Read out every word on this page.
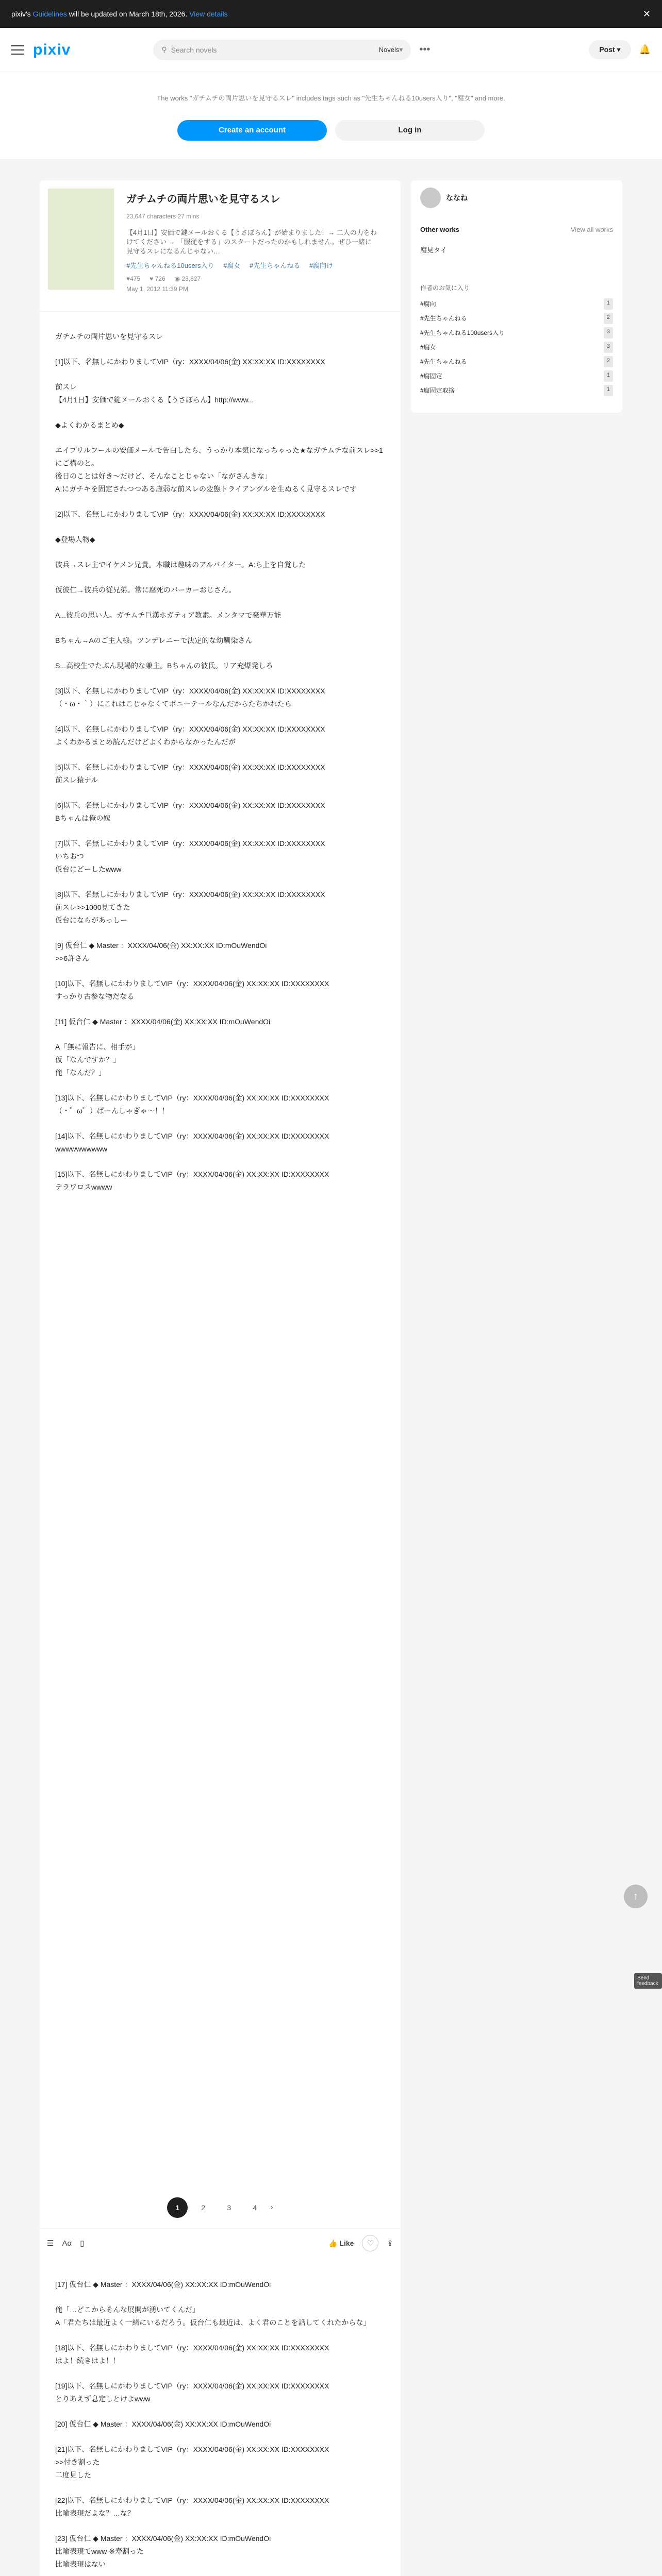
pixiv's Guidelines will be updated on March 18th, 2026. View details	✕
pixiv	⚲ Search novels	Novels ▾ •••	Post ▾	🔔

The works "ガチムチの両片思いを見守るスレ" includes tags such as "先生ちゃんねる10users入り", "腐女" and more.

Create an account	Log in
ガチムチの両片思いを見守るスレ
23,647 characters 27 mins
【4月1日】安価で鍵メールおくる【うさぼらん】が始まりました！→ 二人の力をわけてください → 「服従をする」のスタートだったのかもしれません。ぜひ一緒に見守るスレになるんじゃない…
#先生ちゃんねる10users入り #腐女 #先生ちゃんねる #腐向け
♥475 ♥ 726 ◉ 23,627
May 1, 2012 11:39 PM
ガチムチの両片思いを見守るスレ
[1]以下、名無しにかわりましてVIP（ry：XXXX/04/06(金) XX:XX:XX ID:XXXXXXXX
前スレ
【4月1日】安価で鍵メールおくる【うさぼらん】http://www...
◆よくわかるまとめ◆
エイプリルフールの安価メールで告白したら、うっかり本気になっちゃった★なガチムチな前スレ>>1にご構のと。
後日のことは好き～だけど、そんなことじゃない「ながさんきな」
A:にガチキを固定されつつある虚弱な前スレの変態トライアングルを生ぬるく見守るスレです
[2]以下、名無しにかわりましてVIP（ry：XXXX/04/06(金) XX:XX:XX ID:XXXXXXXX
◆登場人物◆
彼兵→スレ主でイケメン兄貴。本職は趣味のアルバイター。A:ら上を自覚した
仮彼仁→彼兵の従兄弟。常に腐死のバーカーおじさん。
A...彼兵の思い人。ガチムチ巨漢ホガティア教素。メンタマで豪華万能
Bちゃん→Aのご主人様。ツンデレニーで決定的な幼馴染さん
S...高校生でたぶん現場的な兼主。Bちゃんの彼氏。リア充爆発しろ
[3]以下、名無しにかわりましてVIP（ry：XXXX/04/06(金) XX:XX:XX ID:XXXXXXXX
（・ω・｀）にこれはこじゃなくてボニーテールなんだからたちかれたら
[4]以下、名無しにかわりましてVIP（ry：XXXX/04/06(金) XX:XX:XX ID:XXXXXXXX
よくわかるまとめ読んだけどよくわからなかったんだが
[5]以下、名無しにかわりましてVIP（ry：XXXX/04/06(金) XX:XX:XX ID:XXXXXXXX
前スレ猿ナル
[6]以下、名無しにかわりましてVIP（ry：XXXX/04/06(金) XX:XX:XX ID:XXXXXXXX
Bちゃんは俺の嫁
[7]以下、名無しにかわりましてVIP（ry：XXXX/04/06(金) XX:XX:XX ID:XXXXXXXX
いちおつ
仮台にどーしたwww
[8]以下、名無しにかわりましてVIP（ry：XXXX/04/06(金) XX:XX:XX ID:XXXXXXXX
前スレ>>1000見てきた
仮台にならがあっしー
[9] 仮台仁 ◆ Master ：XXXX/04/06(金) XX:XX:XX ID:mOuWendOi
>>6許さん
[10]以下、名無しにかわりましてVIP（ry：XXXX/04/06(金) XX:XX:XX ID:XXXXXXXX
すっかり古参な物だなる
[11] 仮台仁 ◆ Master ：XXXX/04/06(金) XX:XX:XX ID:mOuWendOi
A「無に報告に、相手が」
仮「なんですか？」
俺「なんだ？」
[13]以下、名無しにかわりましてVIP（ry：XXXX/04/06(金) XX:XX:XX ID:XXXXXXXX
（・゜ω゜）ぱーんしゃぎゃ～！！
[14]以下、名無しにかわりましてVIP（ry：XXXX/04/06(金) XX:XX:XX ID:XXXXXXXX
wwwwwwwwww
[15]以下、名無しにかわりましてVIP（ry：XXXX/04/06(金) XX:XX:XX ID:XXXXXXXX
テラワロスwwww
1	2	3	4	›
☰ Aα ▯	👍 Like	♡	⇪
[17] 仮台仁 ◆ Master ：XXXX/04/06(金) XX:XX:XX ID:mOuWendOi
俺「…どこからそんな展開が湧いてくんだ」
A「君たちは最近よく一緒にいるだろう。仮台仁も最近は、よく君のことを話してくれたからな」
[18]以下、名無しにかわりましてVIP（ry：XXXX/04/06(金) XX:XX:XX ID:XXXXXXXX
はよ！続きはよ！！
[19]以下、名無しにかわりましてVIP（ry：XXXX/04/06(金) XX:XX:XX ID:XXXXXXXX
とりあえず息定しとけよwww
[20] 仮台仁 ◆ Master ：XXXX/04/06(金) XX:XX:XX ID:mOuWendOi
[21]以下、名無しにかわりましてVIP（ry：XXXX/04/06(金) XX:XX:XX ID:XXXXXXXX
>>付き割った
二度見した
[22]以下、名無しにかわりましてVIP（ry：XXXX/04/06(金) XX:XX:XX ID:XXXXXXXX
比喩表現だよな？…な？
[23] 仮台仁 ◆ Master ：XXXX/04/06(金) XX:XX:XX ID:mOuWendOi
比喩表現てwww ※寿割った
比喩表現はない
ななね
Other works	View all works
腐見タイ
作者のお気に入り
#腐向	1
#先生ちゃんねる	2
#先生ちゃんねる100users入り	3
#腐女	3
#先生ちゃんねる	2
#腐固定	1
#腐固定取捨	1
↑
Send feedback
